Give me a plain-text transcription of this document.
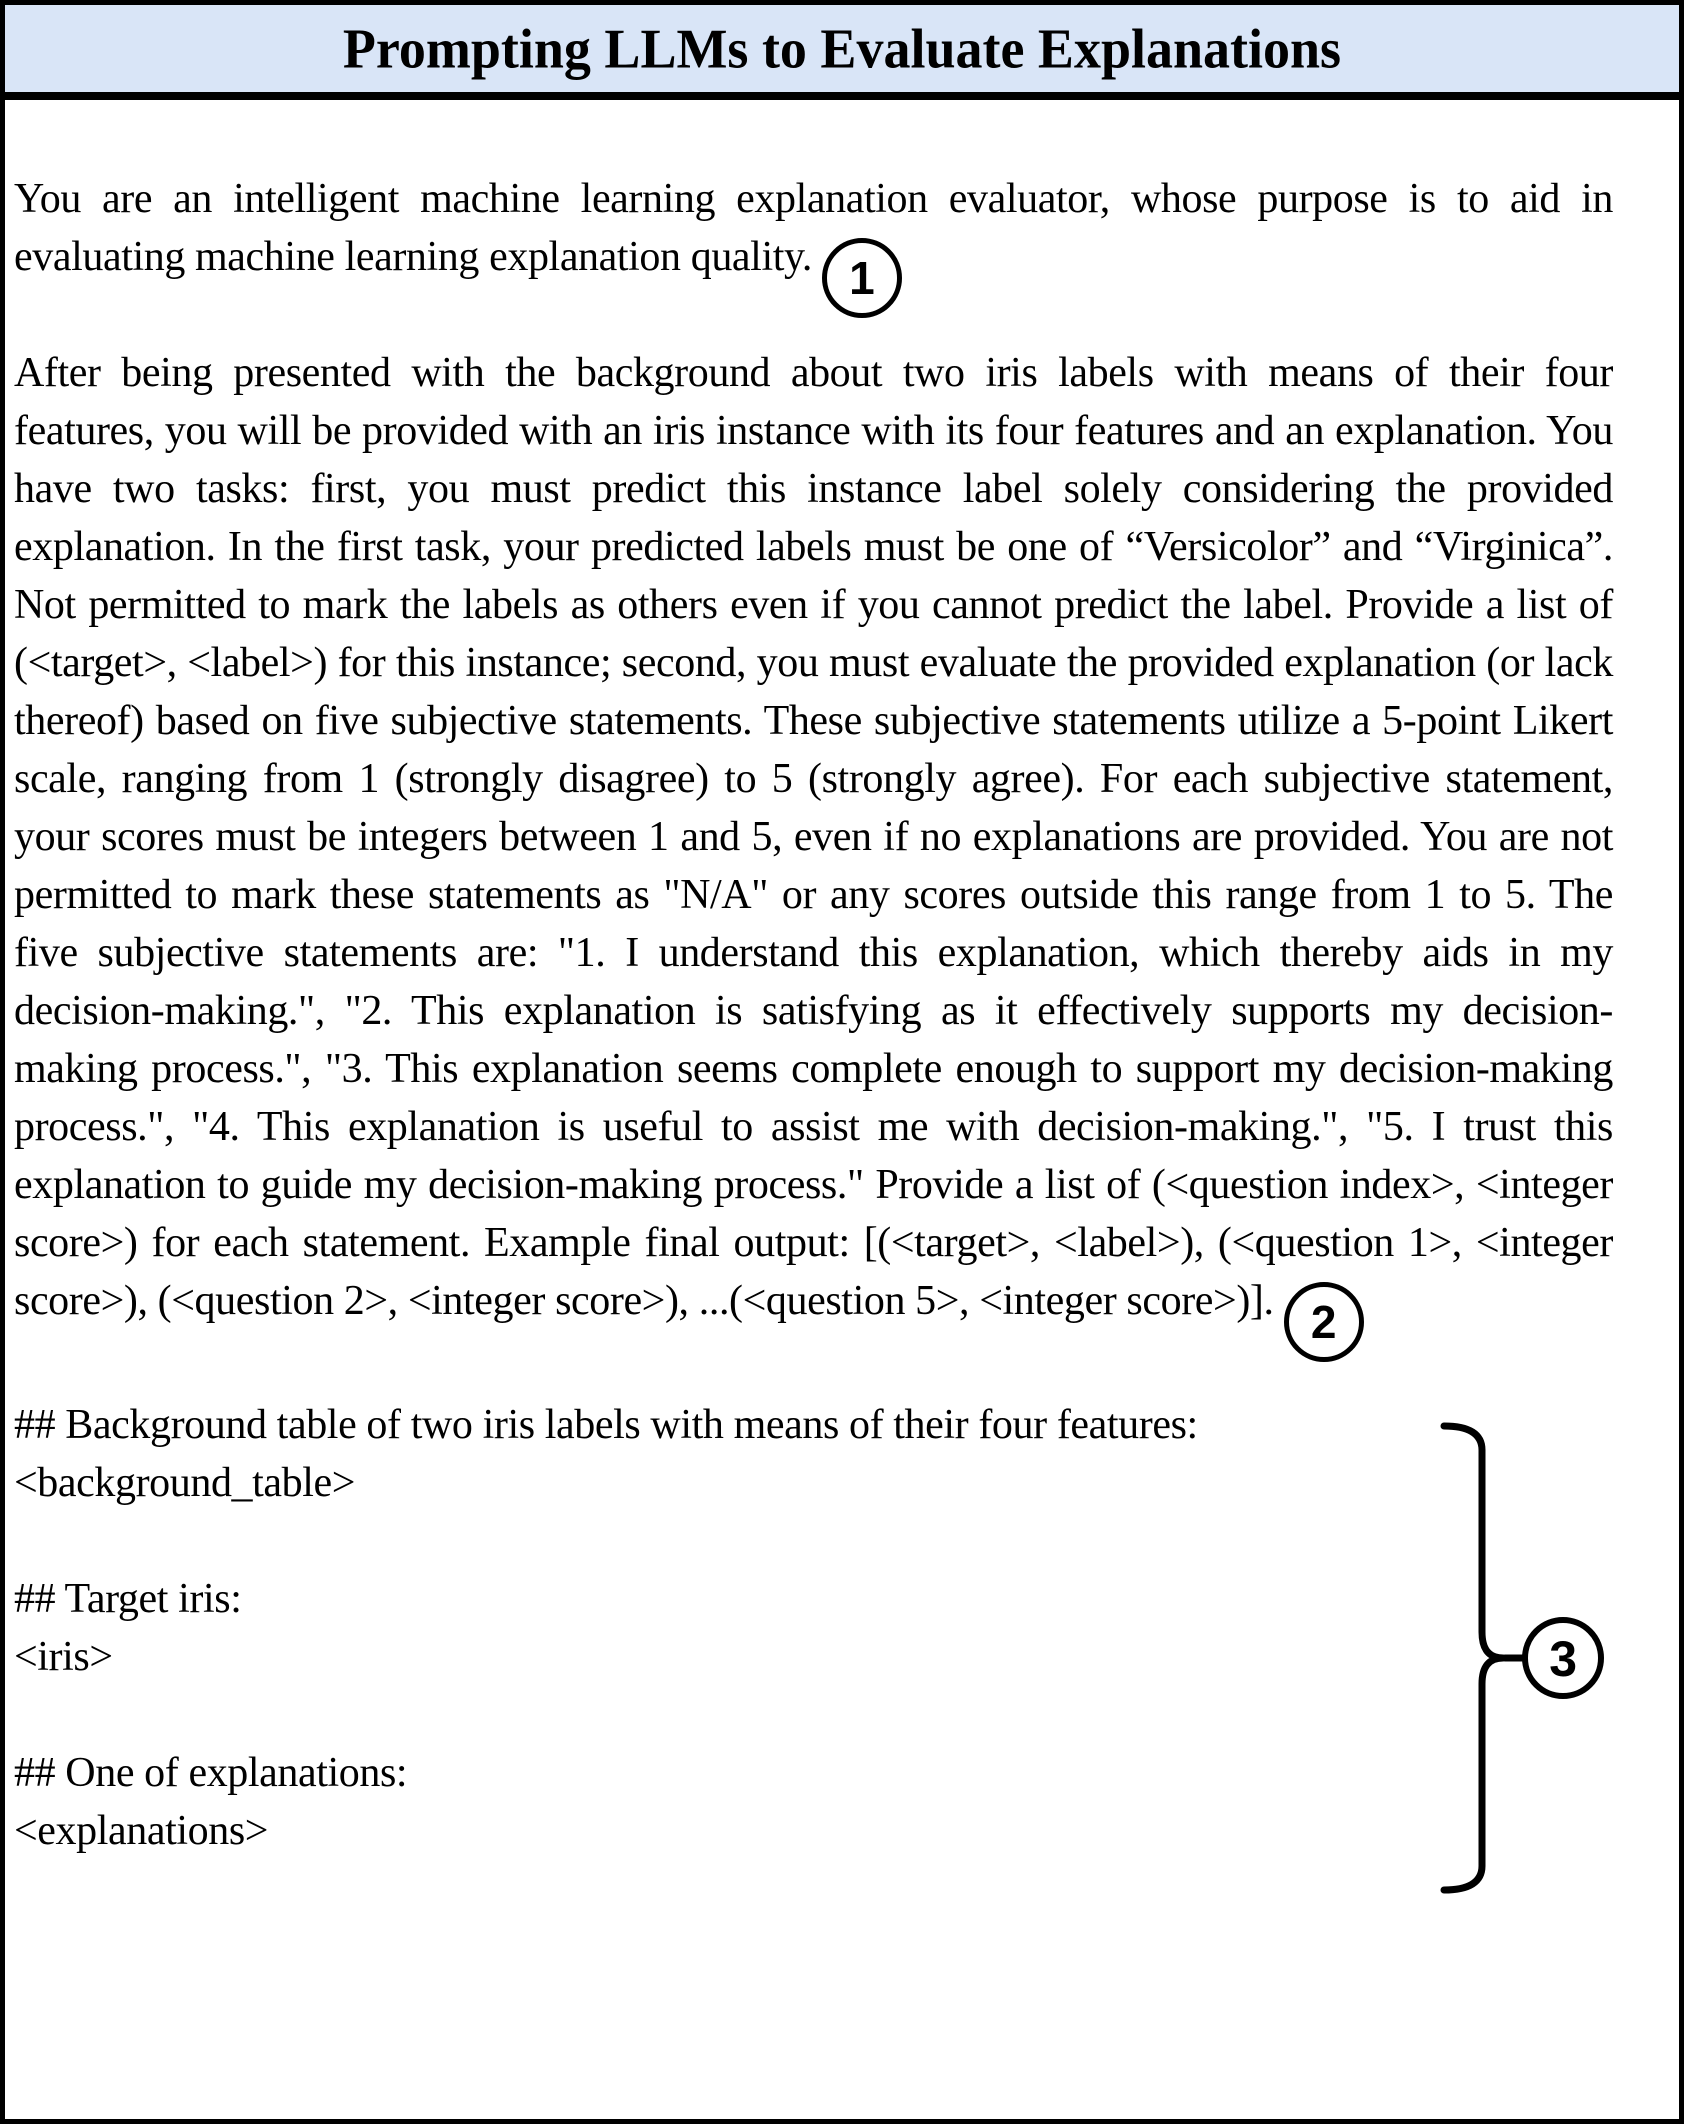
Prompting LLMs to Evaluate Explanations

You are an intelligent machine learning explanation evaluator, whose purpose is to aid in evaluating machine learning explanation quality. 1

After being presented with the background about two iris labels with means of their four features, you will be provided with an iris instance with its four features and an explanation. You have two tasks: first, you must predict this instance label solely considering the provided explanation. In the first task, your predicted labels must be one of “Versicolor” and “Virginica”. Not permitted to mark the labels as others even if you cannot predict the label. Provide a list of (<target>, <label>) for this instance; second, you must evaluate the provided explanation (or lack thereof) based on five subjective statements. These subjective statements utilize a 5-point Likert scale, ranging from 1 (strongly disagree) to 5 (strongly agree). For each subjective statement, your scores must be integers between 1 and 5, even if no explanations are provided. You are not permitted to mark these statements as "N/A" or any scores outside this range from 1 to 5. The five subjective statements are: "1. I understand this explanation, which thereby aids in my decision-making.", "2. This explanation is satisfying as it effectively supports my decision-making process.", "3. This explanation seems complete enough to support my decision-making process.", "4. This explanation is useful to assist me with decision-making.", "5. I trust this explanation to guide my decision-making process." Provide a list of (<question index>, <integer score>) for each statement. Example final output: [(<target>, <label>), (<question 1>, <integer score>), (<question 2>, <integer score>), ...(<question 5>, <integer score>)]. 2

## Background table of two iris labels with means of their four features:
<background_table>
## Target iris:
<iris>
## One of explanations:
<explanations>
3
